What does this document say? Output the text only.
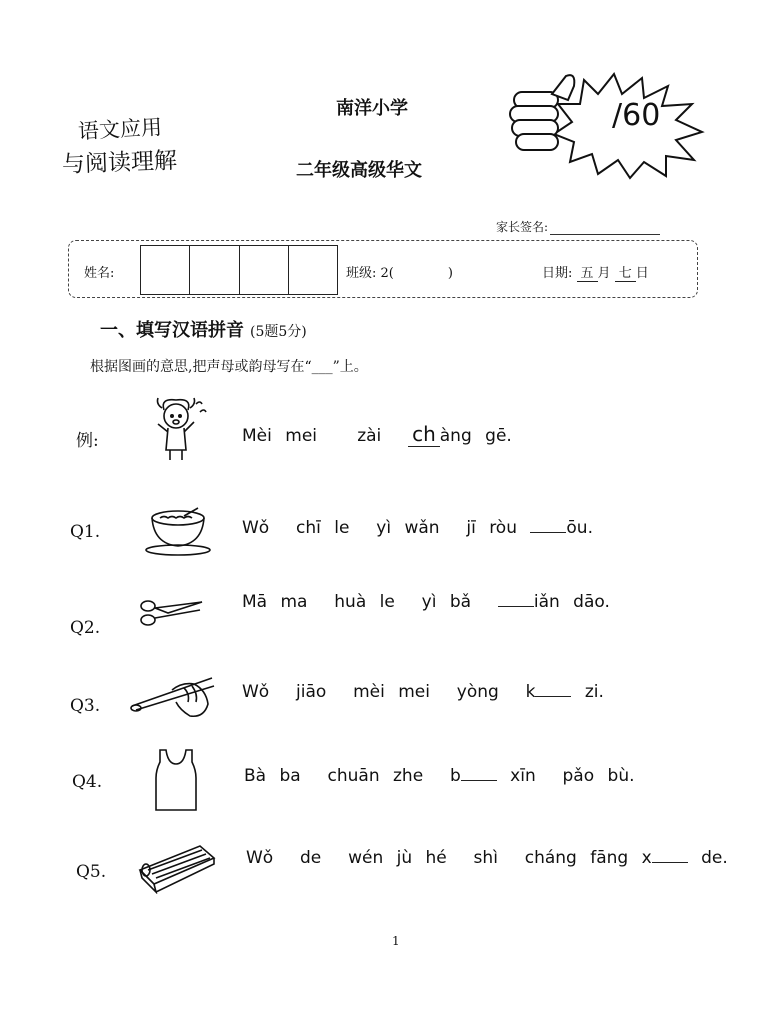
语文应用
与阅读理解
南洋小学
二年级高级华文
/60
家长签名:
姓名:	班级: 2(	)	日期: 五 月 七 日
一、填写汉语拼音 (5题5分)
根据图画的意思,把声母或韵母写在“___”上。
例:	Mèi mei   zài  ch àng gē.
Q1.	Wǒ  chī le  yì wǎn  jī ròu ōu.
Q2.
Mā ma  huà le  yì bǎ  iǎn dāo.
Q3.
Wǒ  jiāo  mèi mei  yòng  k zi.
Q4.	Bà ba  chuān zhe  b xīn  pǎo bù.
Q5.
Wǒ  de  wén jù hé  shì  cháng fāng x de.
1
